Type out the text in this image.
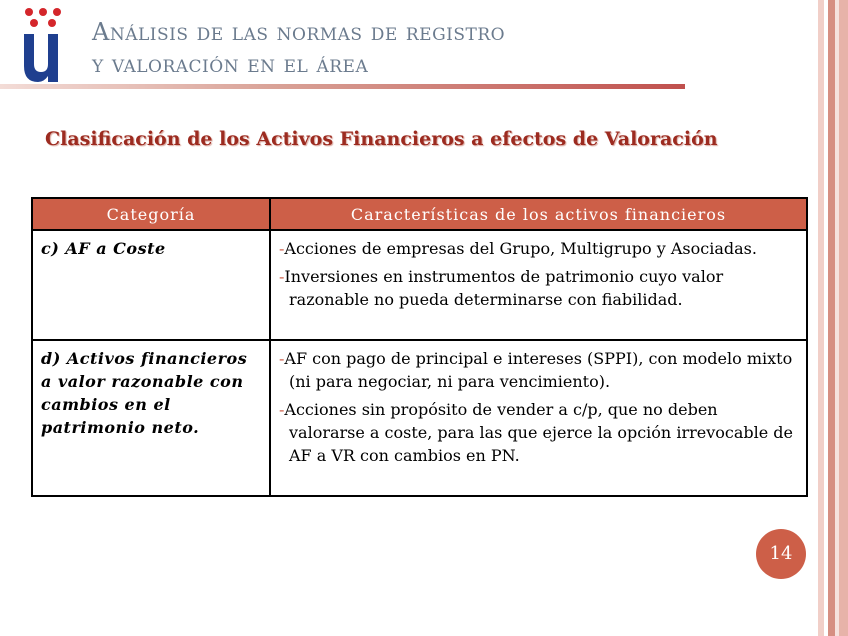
Análisis de las normas de registro
y valoración en el área
Clasificación de los Activos Financieros a efectos de Valoración
Categoría	Características de los activos financieros
c) AF a Coste	-Acciones de empresas del Grupo, Multigrupo y Asociadas.
-Inversiones en instrumentos de patrimonio cuyo valor razonable no pueda determinarse con fiabilidad.

d) Activos financieros a valor razonable con cambios en el patrimonio neto.	-AF con pago de principal e intereses (SPPI), con modelo mixto (ni para negociar, ni para vencimiento).
-Acciones sin propósito de vender a c/p, que no deben valorarse a coste, para las que ejerce la opción irrevocable de AF a VR con cambios en PN.
14
